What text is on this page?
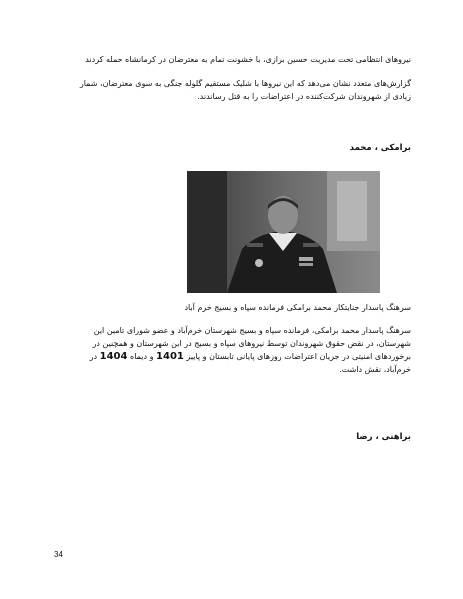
نیروهای انتظامی تحت مدیریت حسین برازی، با خشونت تمام به معترضان در کرمانشاه حمله کردند
گزارش‌های متعدد نشان می‌دهد که این نیروها با شلیک مستقیم گلوله جنگی به سوی معترضان، شمار
زیادی از شهروندان شرکت‌کننده در اعتراضات را به قتل رساندند.
برامکی ، محمد
سرهنگ پاسدار جنایتکار محمد برامکی فرمانده سپاه و بسیج خرم آباد
سرهنگ پاسدار محمد برامکی، فرمانده سپاه و بسیج شهرستان خرم‌آباد و عضو شورای تامین این
شهرستان، در نقض حقوق شهروندان توسط نیروهای سپاه و بسیج در این شهرستان و همچنین در
برخوردهای امنیتی در جریان اعتراضات روزهای پایانی تابستان و پاییز 1401 و دیماه 1404 در
خرم‌آباد، نقش داشت.
براهنی ، رضا
34
